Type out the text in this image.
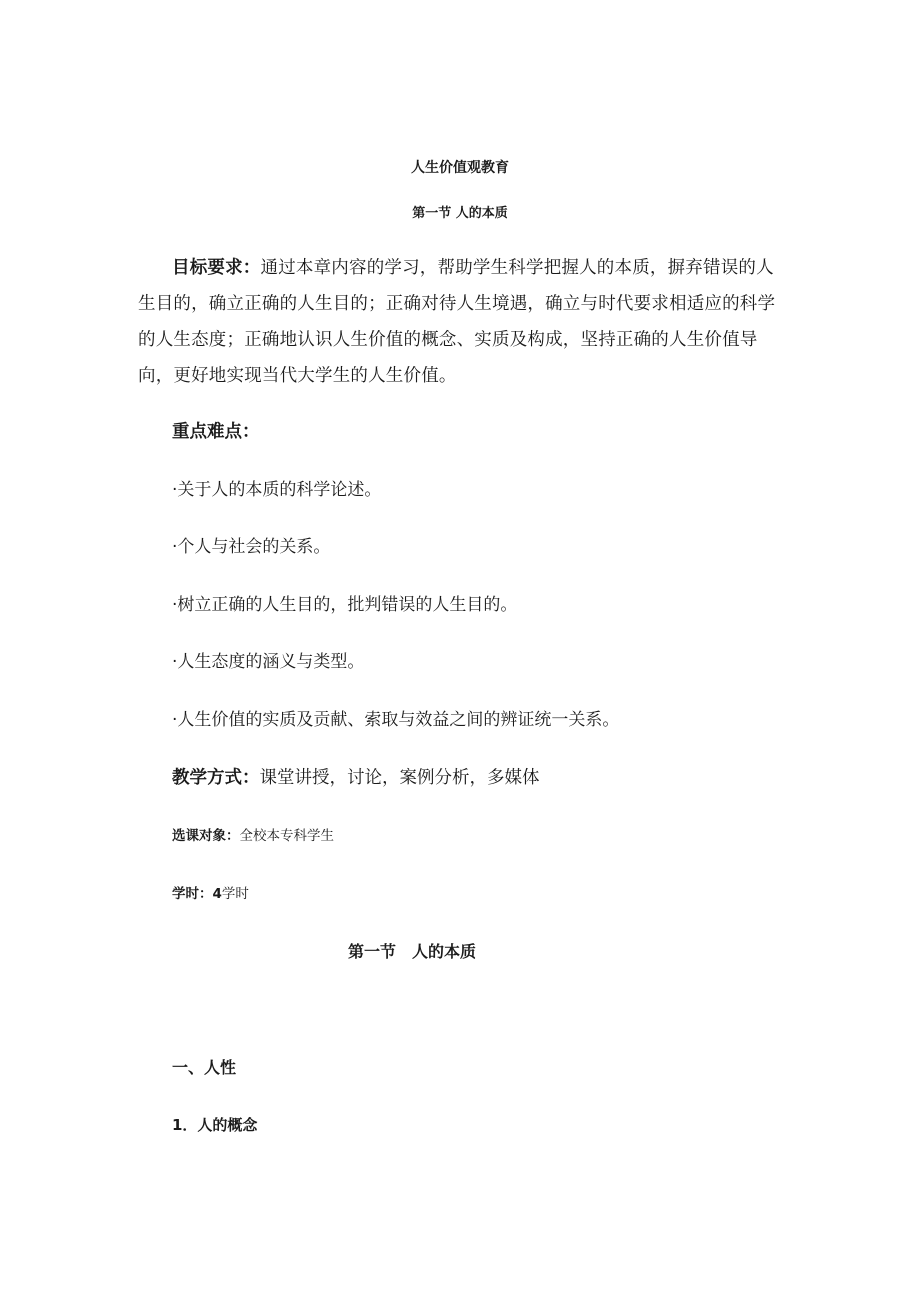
人生价值观教育
第一节 人的本质
目标要求：通过本章内容的学习，帮助学生科学把握人的本质，摒弃错误的人生目的，确立正确的人生目的；正确对待人生境遇，确立与时代要求相适应的科学的人生态度；正确地认识人生价值的概念、实质及构成，坚持正确的人生价值导向，更好地实现当代大学生的人生价值。
重点难点：
·关于人的本质的科学论述。
·个人与社会的关系。
·树立正确的人生目的，批判错误的人生目的。
·人生态度的涵义与类型。
·人生价值的实质及贡献、索取与效益之间的辨证统一关系。
教学方式：课堂讲授，讨论，案例分析，多媒体
选课对象：全校本专科学生
学时：4学时
第一节 人的本质
一、人性
1．人的概念
